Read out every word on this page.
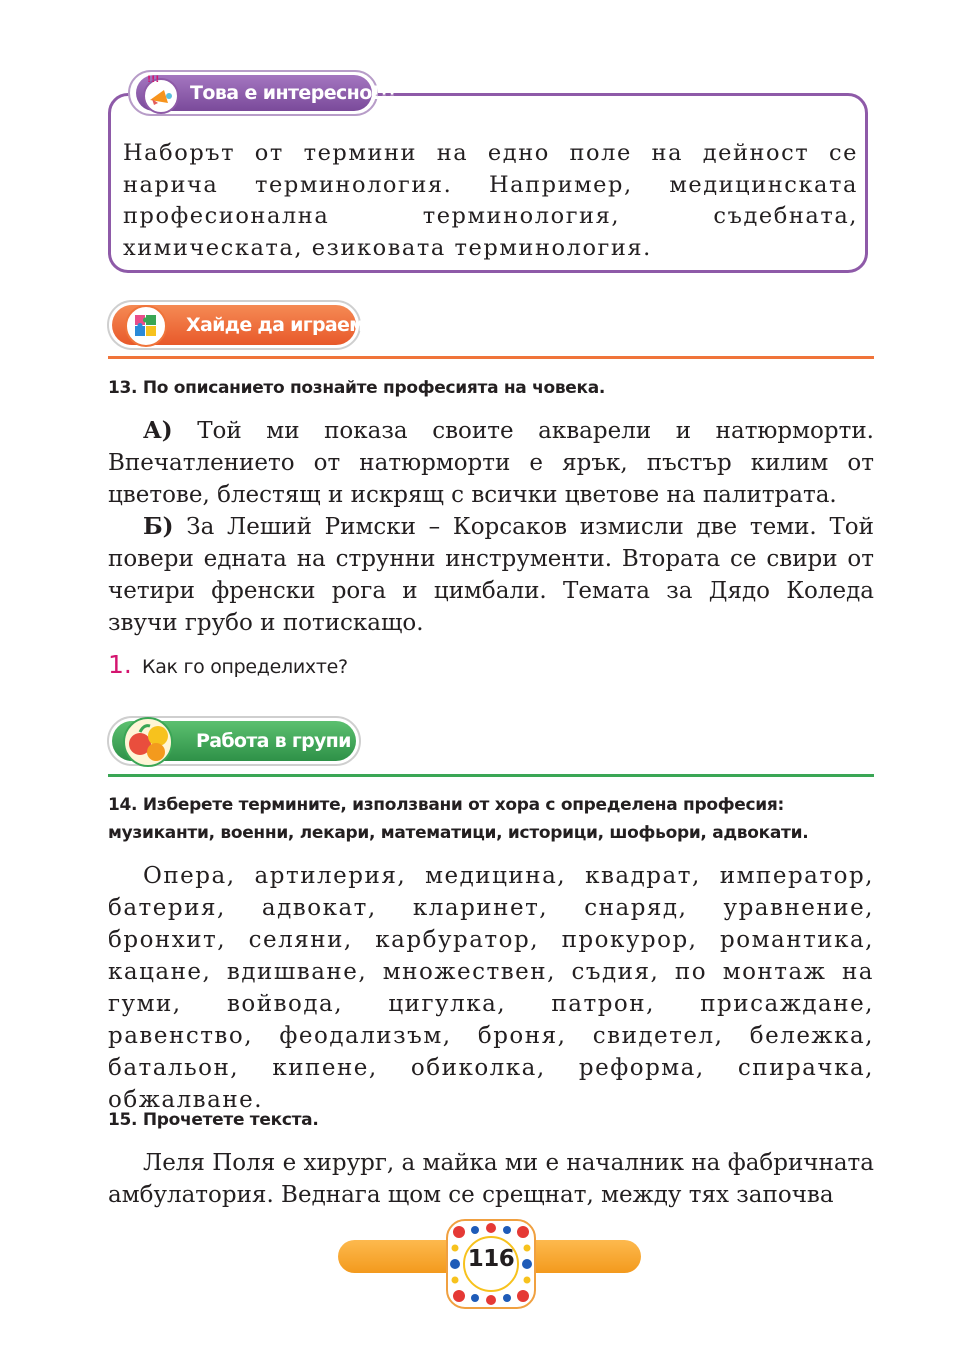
Наборът от термини на едно поле на дейност се нарича терминология. Например, медицинската професионална терминология, съдебната, химическата, езиковата терминология.
!!!
Това е интересно!!!
Хайде да играем
13. По описанието познайте професията на човека.
А) Той ми показа своите акварели и натюрморти. Впечатлението от натюрморти е ярък, пъстър килим от цветове, блестящ и искрящ с всички цветове на палитрата.
Б) За Леший Римски – Корсаков измисли две теми. Той повери едната на струнни инструменти. Втората се свири от четири френски рога и цимбали. Темата за Дядо Коледа звучи грубо и потискащо.
1. Как го определихте?
Работа в групи
14. Изберете термините, използвани от хора с определена професия:
музиканти, военни, лекари, математици, историци, шофьори, адвокати.
Опера, артилерия, медицина, квадрат, император, батерия, адвокат, кларинет, снаряд, уравнение, бронхит, селяни, карбуратор, прокурор, романтика, кацане, вдишване, множествен, съдия, по монтаж на гуми, войвода, цигулка, патрон, присаждане, равенство, феодализъм, броня, свидетел, бележка, батальон, кипене, обиколка, реформа, спирачка, обжалване.
15. Прочетете текста.
Леля Поля е хирург, а майка ми е началник на фабричната амбулатория. Веднага щом се срещнат, между тях започва
116
